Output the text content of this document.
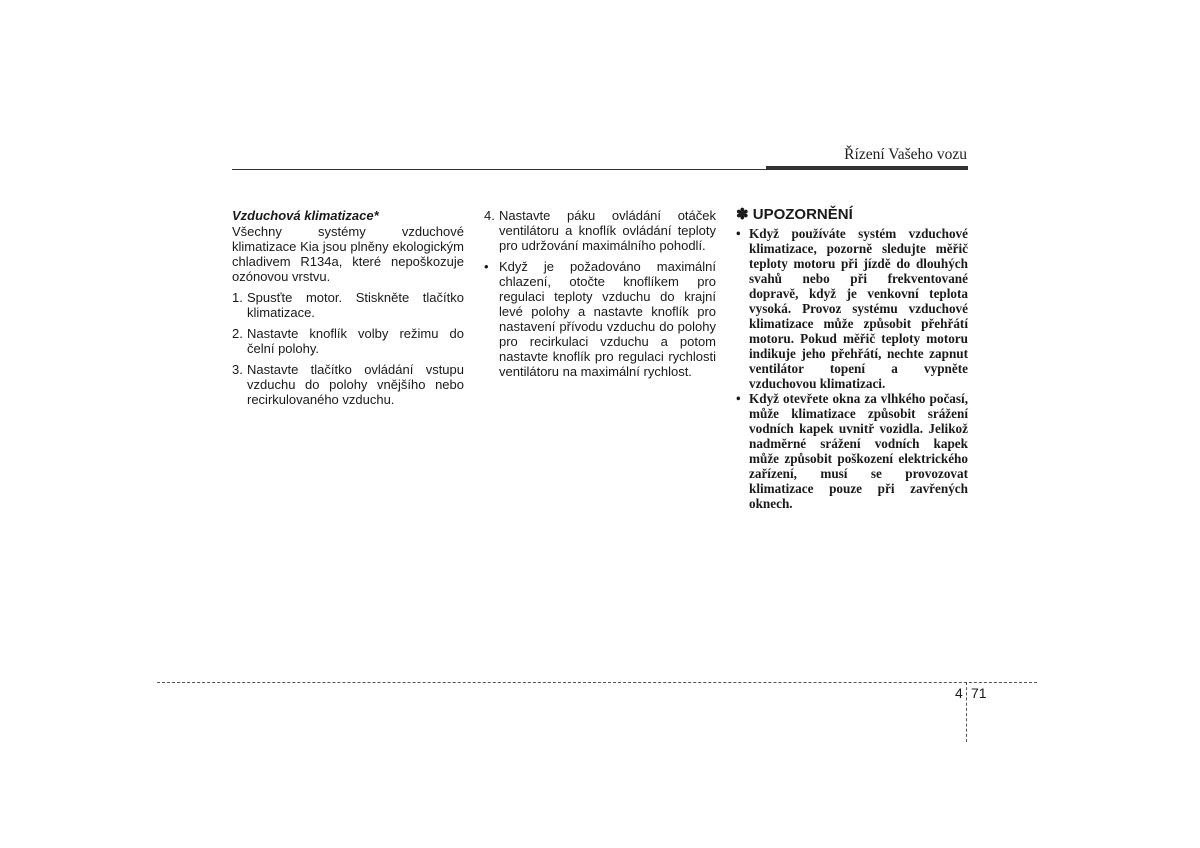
Řízení Vašeho vozu

Vzduchová klimatizace*

Všechny systémy vzduchové klimatizace Kia jsou plněny ekologickým chladivem R134a, které nepoškozuje ozónovou vrstvu.

1. Spusťte motor. Stiskněte tlačítko klimatizace.
2. Nastavte knoflík volby režimu do čelní polohy.
3. Nastavte tlačítko ovládání vstupu vzduchu do polohy vnějšího nebo recirkulovaného vzduchu.
4. Nastavte páku ovládání otáček ventilátoru a knoflík ovládání teploty pro udržování maximálního pohodlí.
• Když je požadováno maximální chlazení, otočte knoflíkem pro regulaci teploty vzduchu do krajní levé polohy a nastavte knoflík pro nastavení přívodu vzduchu do polohy pro recirkulaci vzduchu a potom nastavte knoflík pro regulaci rychlosti ventilátoru na maximální rychlost.
✽ UPOZORNĚNÍ
• Když používáte systém vzduchové klimatizace, pozorně sledujte měřič teploty motoru při jízdě do dlouhých svahů nebo při frekventované dopravě, když je venkovní teplota vysoká. Provoz systému vzduchové klimatizace může způsobit přehřátí motoru. Pokud měřič teploty motoru indikuje jeho přehřátí, nechte zapnut ventilátor topení a vypněte vzduchovou klimatizaci.
• Když otevřete okna za vlhkého počasí, může klimatizace způsobit srážení vodních kapek uvnitř vozidla. Jelikož nadměrné srážení vodních kapek může způsobit poškození elektrického zařízení, musí se provozovat klimatizace pouze při zavřených oknech.
4 71
